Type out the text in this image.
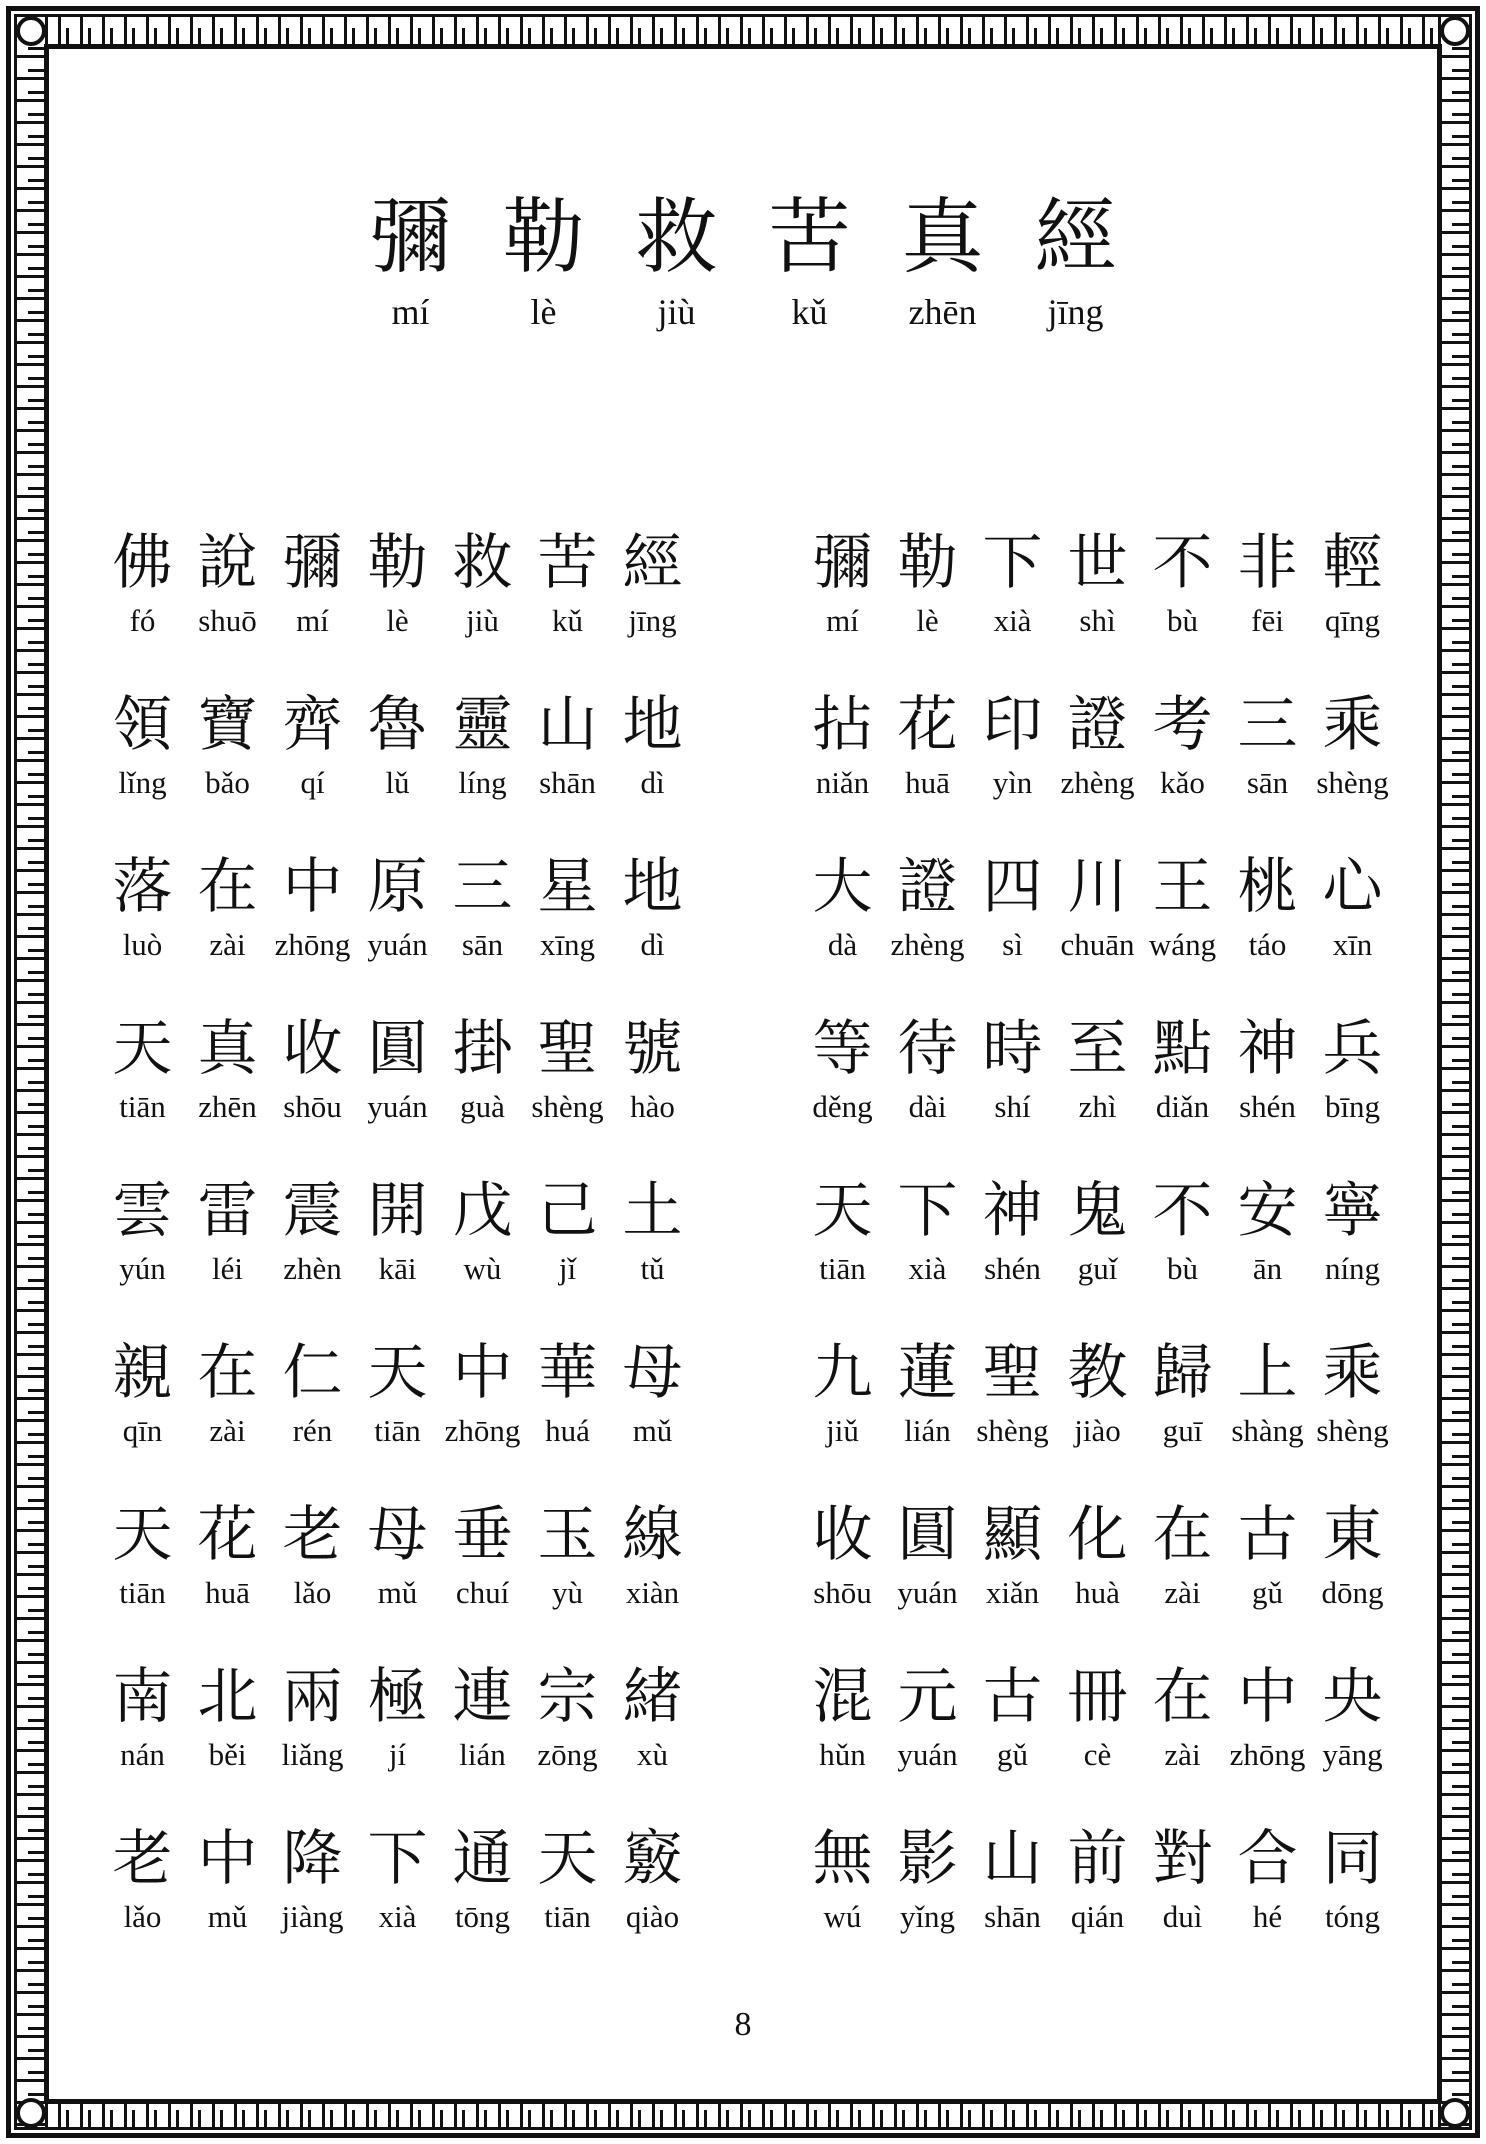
彌 勒 救 苦 真 經
mí	lè	jiù	kǔ	zhēn	jīng
佛 說 彌 勒 救 苦 經
fó	shuō	mí	lè	jiù	kǔ	jīng
彌 勒 下 世 不 非 輕
mí	lè	xià	shì	bù	fēi	qīng
領 寶 齊 魯 靈 山 地
lǐng	bǎo	qí	lǔ	líng	shān	dì
拈 花 印 證 考 三 乘
niǎn	huā	yìn zhèng kǎo	sān shèng
落 在 中 原 三 星 地
luò	zài zhōng yuán	sān	xīng	dì
大 證 四 川 王 桃 心
dà	zhèng	sì	chuān wáng	táo	xīn
天 真 收 圓 掛 聖 號
tiān	zhēn shōu yuán	guà shèng hào
等 待 時 至 點 神 兵
děng	dài	shí	zhì	diǎn shén bīng
雲 雷 震 開 戊 己 土
yún	léi	zhèn	kāi	wù	jǐ	tǔ
天 下 神 鬼 不 安 寧
tiān	xià	shén	guǐ	bù	ān	níng
親 在 仁 天 中 華 母
qīn	zài	rén	tiān zhōng huá	mǔ
九 蓮 聖 教 歸 上 乘
jiǔ	lián shèng jiào	guī shàng shèng
天 花 老 母 垂 玉 線
tiān	huā	lǎo	mǔ	chuí	yù	xiàn
收 圓 顯 化 在 古 東
shōu yuán xiǎn	huà	zài	gǔ	dōng
南 北 兩 極 連 宗 緒
nán	běi	liǎng	jí	lián	zōng	xù
混 元 古 冊 在 中 央
hǔn	yuán	gǔ	cè	zài zhōng yāng
老 中 降 下 通 天 竅
lǎo	mǔ	jiàng	xià	tōng	tiān	qiào
無 影 山 前 對 合 同
wú	yǐng shān qián	duì	hé	tóng
8
